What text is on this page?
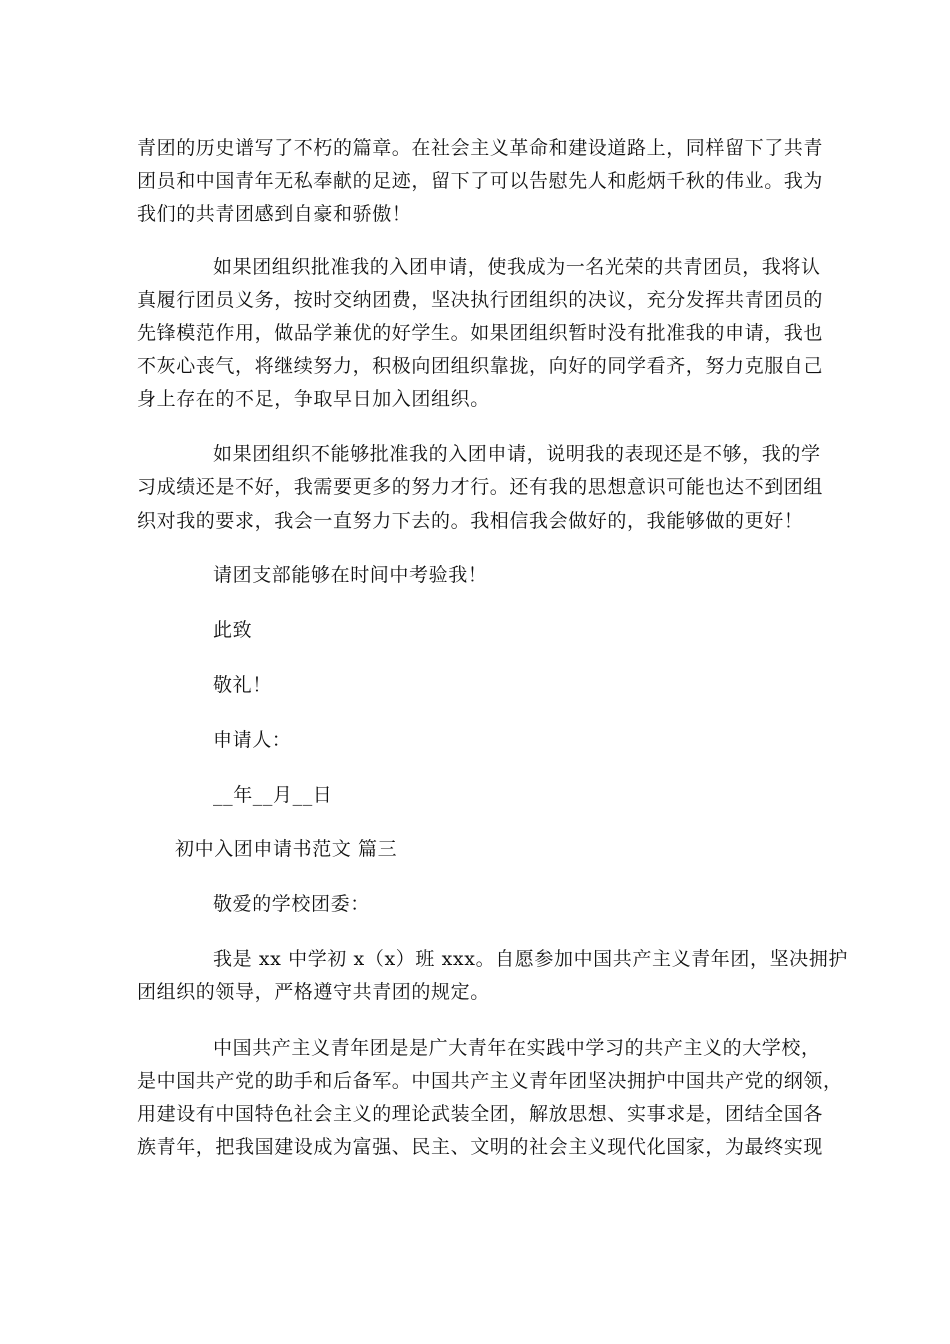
青团的历史谱写了不朽的篇章。在社会主义革命和建设道路上，同样留下了共青
团员和中国青年无私奉献的足迹，留下了可以告慰先人和彪炳千秋的伟业。我为
我们的共青团感到自豪和骄傲！
如果团组织批准我的入团申请，使我成为一名光荣的共青团员，我将认
真履行团员义务，按时交纳团费，坚决执行团组织的决议，充分发挥共青团员的
先锋模范作用，做品学兼优的好学生。如果团组织暂时没有批准我的申请，我也
不灰心丧气，将继续努力，积极向团组织靠拢，向好的同学看齐，努力克服自己
身上存在的不足，争取早日加入团组织。
如果团组织不能够批准我的入团申请，说明我的表现还是不够，我的学
习成绩还是不好，我需要更多的努力才行。还有我的思想意识可能也达不到团组
织对我的要求，我会一直努力下去的。我相信我会做好的，我能够做的更好！
请团支部能够在时间中考验我！
此致
敬礼！
申请人：
__年__月__日
初中入团申请书范文 篇三
敬爱的学校团委：
我是 xx 中学初 x（x）班 xxx。自愿参加中国共产主义青年团，坚决拥护
团组织的领导，严格遵守共青团的规定。
中国共产主义青年团是是广大青年在实践中学习的共产主义的大学校，
是中国共产党的助手和后备军。中国共产主义青年团坚决拥护中国共产党的纲领，
用建设有中国特色社会主义的理论武装全团，解放思想、实事求是，团结全国各
族青年，把我国建设成为富强、民主、文明的社会主义现代化国家，为最终实现
